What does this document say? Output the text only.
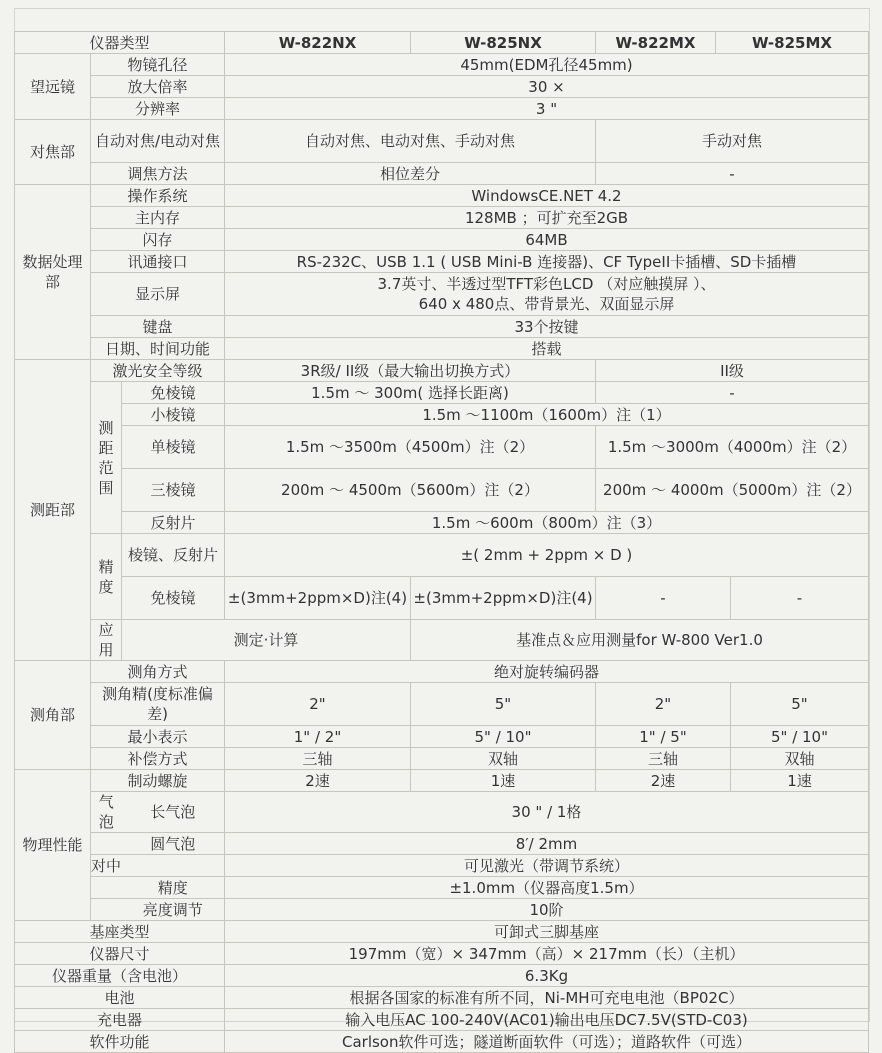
仪器类型			W-822NX	W-825NX	W-822MX	W-825MX	
望远镜	物镜孔径		45mm(EDM孔径45mm)				
	放大倍率		30 ×				
	分辨率		3 "				
对焦部	自动对焦/电动对焦		自动对焦、电动对焦、手动对焦		手动对焦		
	调焦方法		相位差分		-		
数据处理部	操作系统		WindowsCE.NET 4.2				
	主内存		128MB ；可扩充至2GB				
	闪存		64MB				
	讯通接口		RS-232C、USB 1.1 ( USB Mini-B 连接器)、CF TypeII卡插槽、SD卡插槽				
	显示屏		3.7英寸、半透过型TFT彩色LCD （对应触摸屏 ）、
640 x 480点、带背景光、双面显示屏				

	键盘		33个按键				
	日期、时间功能		搭载				
测距部	激光安全等级		3R级/ II级（最大输出切换方式）		II级		
	测距范围	免棱镜	1.5m ～ 300m( 选择长距离)		-		
		小棱镜	1.5m ～1100m（1600m）注（1）				
		单棱镜	1.5m ～3500m（4500m）注（2）		1.5m ～3000m（4000m）注（2）		
		三棱镜	200m ～ 4500m（5600m）注（2）		200m ～ 4000m（5000m）注（2）		
		反射片	1.5m ～600m（800m）注（3）				
	精度	棱镜、反射片	±( 2mm + 2ppm × D )				
		免棱镜	±(3mm+2ppm×D)注(4)	±(3mm+2ppm×D)注(4)	-		-
	应用	测定·计算		基准点＆应用测量for W-800 Ver1.0			
测角部	测角方式		绝对旋转编码器				
	测角精(度标准偏差)		2"	5"	2"		5"
	最小表示		1" / 2"	5" / 10"	1" / 5"		5" / 10"
	补偿方式		三轴	双轴	三轴		双轴
物理性能	制动螺旋		2速	1速	2速		1速
	气泡	长气泡	30 " / 1格				
		圆气泡	8′/ 2mm				
	对中		可见激光（带调节系统）				
		精度	±1.0mm（仪器高度1.5m）				
		亮度调节	10阶				
基座类型			可卸式三脚基座				
仪器尺寸			197mm（宽）× 347mm（高）× 217mm（长）（主机）				
仪器重量（含电池）			6.3Kg				
电池			根据各国家的标准有所不同，Ni-MH可充电电池（BP02C）				
充电器			输入电压AC 100-240V(AC01)输出电压DC7.5V(STD-C03)				
软件功能			Carlson软件可选；隧道断面软件（可选）；道路软件（可选）				
